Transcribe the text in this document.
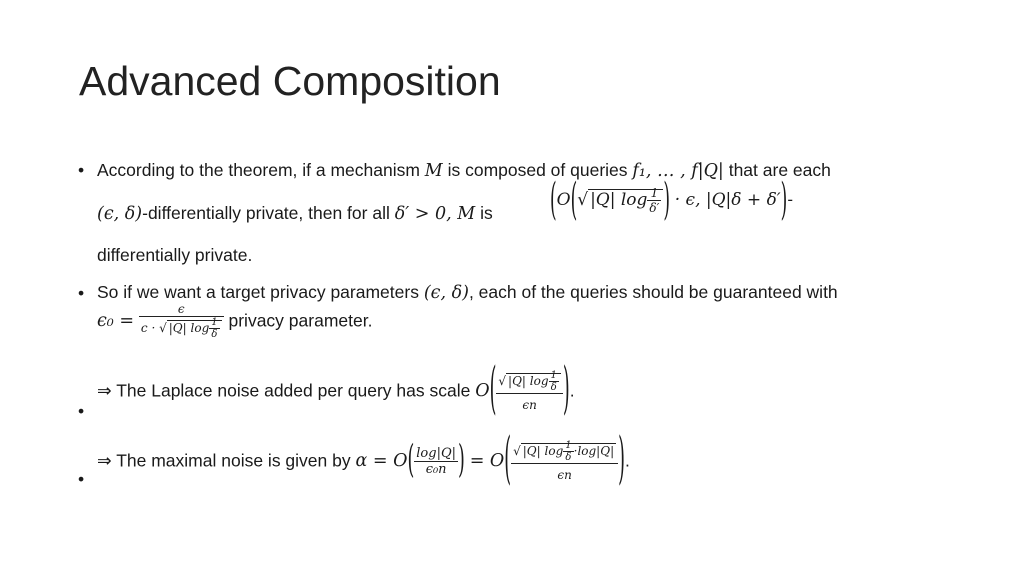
Advanced Composition
• According to the theorem, if a mechanism M is composed of queries f₁, … , f|Q| that are each
(ϵ, δ)-differentially private, then for all δ′ > 0, M is	(O(√ |Q| $\log \frac{1}{\delta'}$ ) · ϵ, |Q|δ + δ′)-
differentially private.
• So if we want a target privacy parameters (ϵ, δ), each of the queries should be guaranteed with
$\epsilon_0 = \frac{\epsilon}{c \cdot √ |Q| \log \frac{1}{\delta}}$ privacy parameter.
•
⇒ The Laplace noise added per query has scale $O( \frac{√ |Q| \log \frac{1}{\delta}}{\epsilon n}$ ).
•
⇒ The maximal noise is given by $\alpha = O( \frac{\log|Q|}{\text{ϵ₀n}}$ ) = $O( \frac{√ |Q| \log \frac{1}{\delta} \cdot\log|Q|}{\epsilon n}$ ).
